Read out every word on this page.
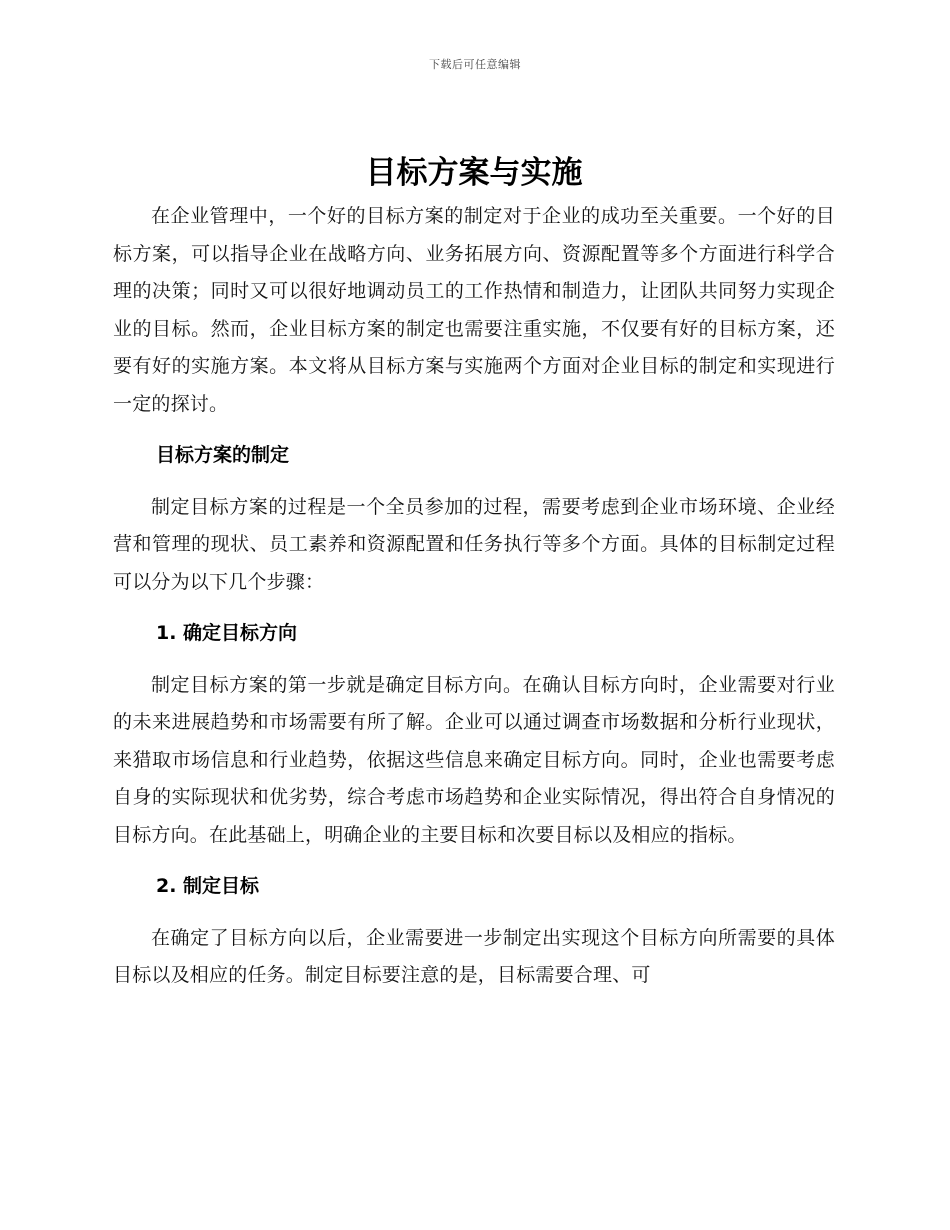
下载后可任意编辑
目标方案与实施

在企业管理中，一个好的目标方案的制定对于企业的成功至关重要。一个好的目标方案，可以指导企业在战略方向、业务拓展方向、资源配置等多个方面进行科学合理的决策；同时又可以很好地调动员工的工作热情和制造力，让团队共同努力实现企业的目标。然而，企业目标方案的制定也需要注重实施，不仅要有好的目标方案，还要有好的实施方案。本文将从目标方案与实施两个方面对企业目标的制定和实现进行一定的探讨。

目标方案的制定

制定目标方案的过程是一个全员参加的过程，需要考虑到企业市场环境、企业经营和管理的现状、员工素养和资源配置和任务执行等多个方面。具体的目标制定过程可以分为以下几个步骤：

1. 确定目标方向

制定目标方案的第一步就是确定目标方向。在确认目标方向时，企业需要对行业的未来进展趋势和市场需要有所了解。企业可以通过调查市场数据和分析行业现状，来猎取市场信息和行业趋势，依据这些信息来确定目标方向。同时，企业也需要考虑自身的实际现状和优劣势，综合考虑市场趋势和企业实际情况，得出符合自身情况的目标方向。在此基础上，明确企业的主要目标和次要目标以及相应的指标。

2. 制定目标

在确定了目标方向以后，企业需要进一步制定出实现这个目标方向所需要的具体目标以及相应的任务。制定目标要注意的是，目标需要合理、可
